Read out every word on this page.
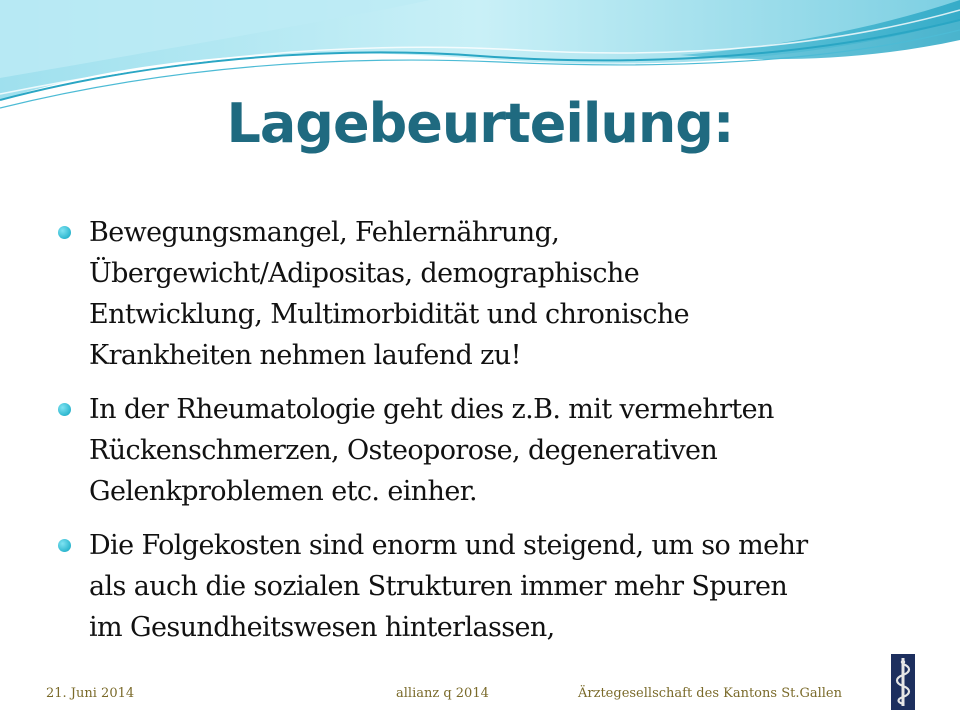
Lagebeurteilung:
Bewegungsmangel, Fehlernährung,
Übergewicht/Adipositas, demographische
Entwicklung, Multimorbidität und chronische
Krankheiten nehmen laufend zu!
In der Rheumatologie geht dies z.B. mit vermehrten
Rückenschmerzen, Osteoporose, degenerativen
Gelenkproblemen etc. einher.
Die Folgekosten sind enorm und steigend, um so mehr
als auch die sozialen Strukturen immer mehr Spuren
im Gesundheitswesen hinterlassen,
21. Juni 2014	allianz q 2014	Ärztegesellschaft des Kantons St.Gallen
